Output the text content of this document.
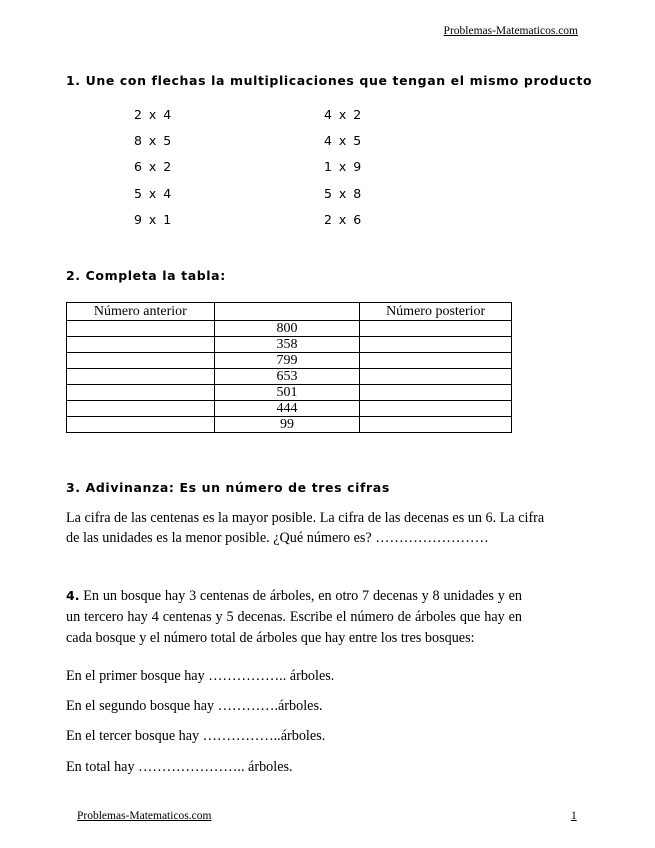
Problemas-Matematicos.com
1. Une con flechas la multiplicaciones que tengan el mismo producto
2 x 4
8 x 5
6 x 2
5 x 4
9 x 1
4 x 2
4 x 5
1 x 9
5 x 8
2 x 6
2. Completa la tabla:
Número anterior		Número posterior
	800	
	358	
	799	
	653	
	501	
	444	
	99	
3. Adivinanza: Es un número de tres cifras
La cifra de las centenas es la mayor posible. La cifra de las decenas es un 6. La cifra
de las unidades es la menor posible. ¿Qué número es? ……………………
4. En un bosque hay 3 centenas de árboles, en otro 7 decenas y 8 unidades y en un tercero hay 4 centenas y 5 decenas. Escribe el número de árboles que hay en cada bosque y el número total de árboles que hay entre los tres bosques:
En el primer bosque hay …………….. árboles.
En el segundo bosque hay ………….árboles.
En el tercer bosque hay ……………..árboles.
En total hay ………………….. árboles.
Problemas-Matematicos.com	1
